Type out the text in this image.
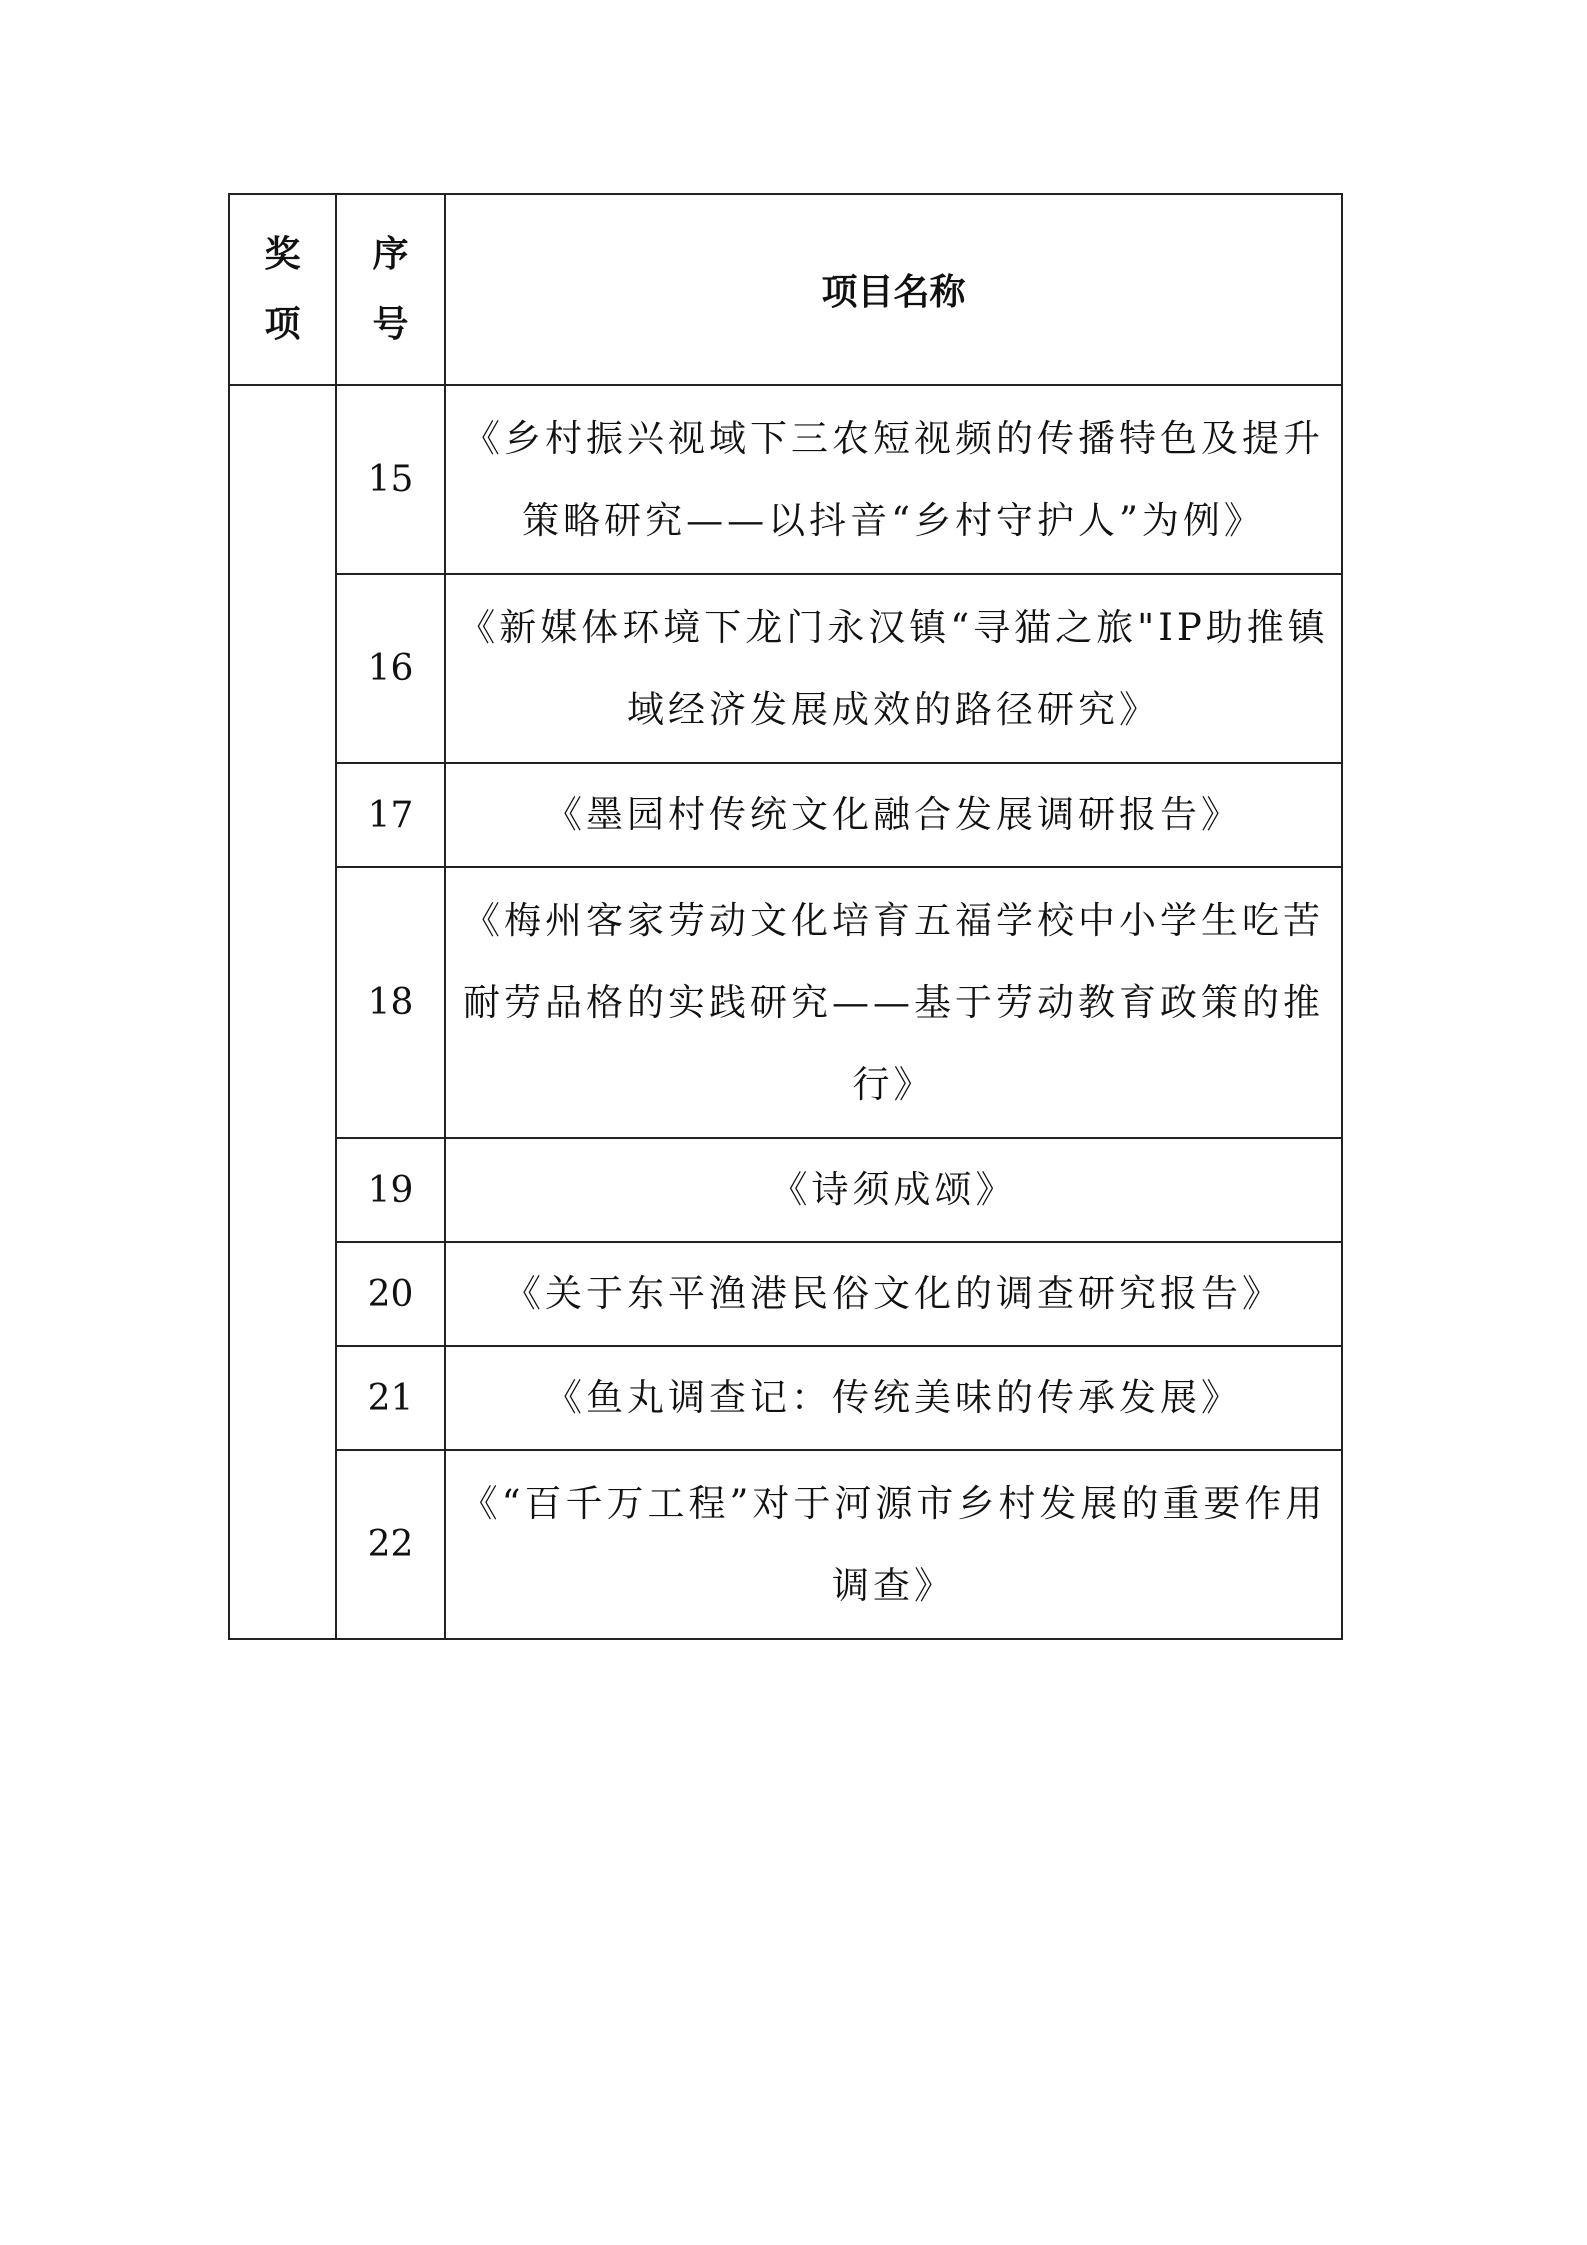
奖项	序号	项目名称
	15	《乡村振兴视域下三农短视频的传播特色及提升策略研究——以抖音“乡村守护人”为例》
	16	《新媒体环境下龙门永汉镇“寻猫之旅"IP助推镇域经济发展成效的路径研究》
	17	《墨园村传统文化融合发展调研报告》
	18	《梅州客家劳动文化培育五福学校中小学生吃苦耐劳品格的实践研究——基于劳动教育政策的推行》
	19	《诗须成颂》
	20	《关于东平渔港民俗文化的调查研究报告》
	21	《鱼丸调查记：传统美味的传承发展》
	22	《“百千万工程”对于河源市乡村发展的重要作用调查》
